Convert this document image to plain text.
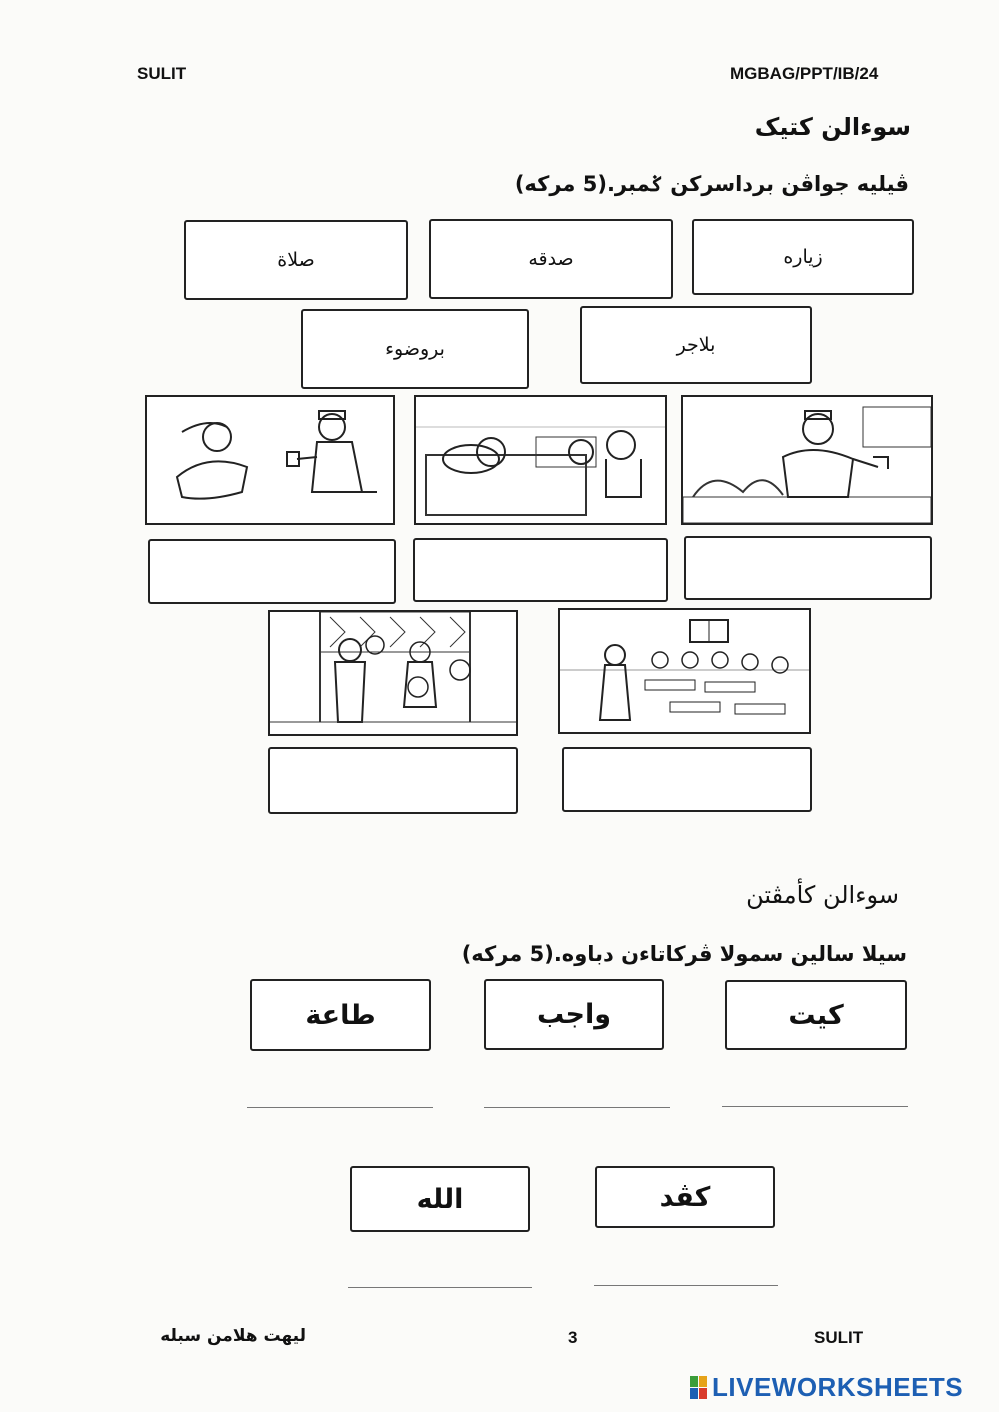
SULIT	MGBAG/PPT/IB/24
سوءالن کتيک
ڤيليه جواڤن برداسرکن ݢمبر.(5 مرکه)
زياره
صدقه
صلاة
بلاجر
بروضوء
سوءالن کأمڤتن
سيلا سالين سمولا ڤرکاتاءن دباوه.(5 مرکه)
کيت
واجب
طاعة
کڤد
الله
ليهت هلامن سبله	3	SULIT
LIVEWORKSHEETS
